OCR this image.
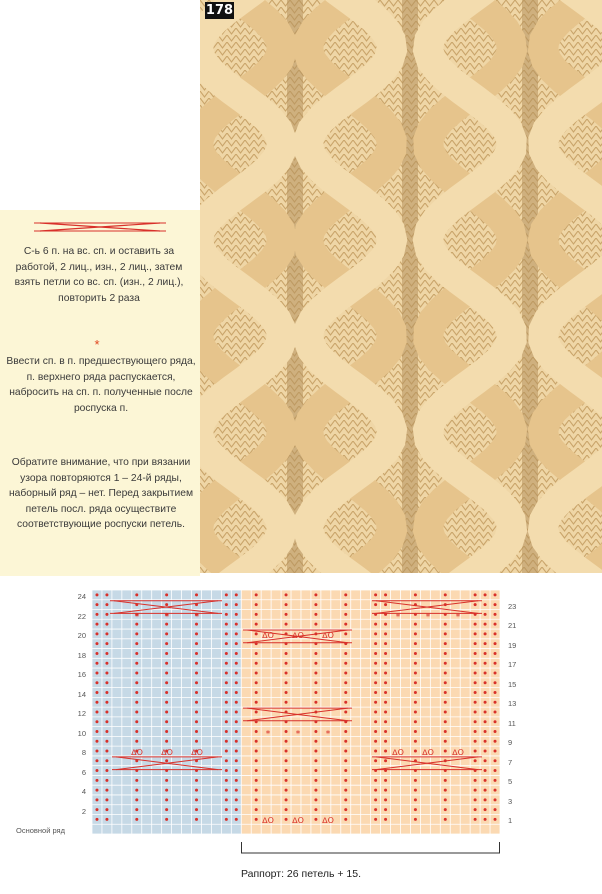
178

С-ь 6 п. на вс. сп. и оставить за работой, 2 лиц., изн., 2 лиц., затем взять петли со вс. сп. (изн., 2 лиц.), повторить 2 раза

*

Ввести сп. в п. предшествующего ряда, п. верхнего ряда распускается, набросить на сп. п. полученные после роспуска п.

Обратите внимание, что при вязании узора повторяются 1 – 24-й ряды, наборный ряд – нет. Перед закрытием петель посл. ряда осуществите соответствующие роспуски петель.

*	*	*	*	*	*
*	*	*
ᐃO ᐃO ᐃO	ᐃO ᐃO ᐃO
ᐃO ᐃO ᐃO
ᐃO ᐃO ᐃO
24
22
20
18
16
14
12
10
8
6
4
2
23
21
19
17
15
13
11
9
7
5
3
1
Основной ряд
Раппорт: 26 петель + 15.
